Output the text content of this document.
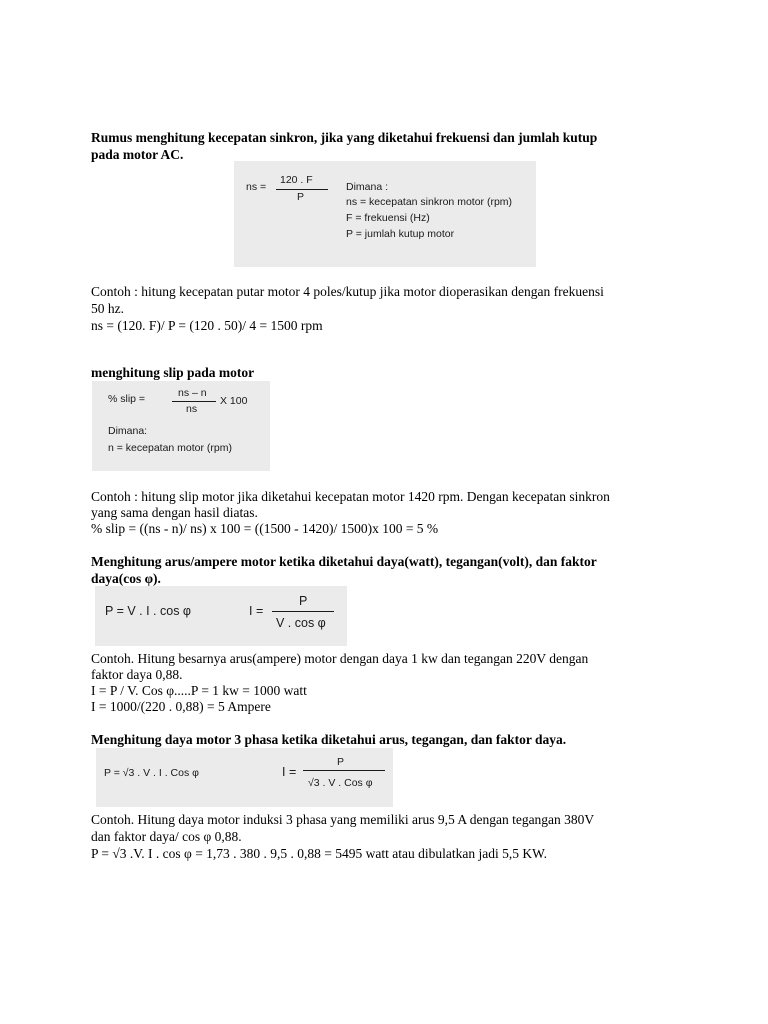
Rumus menghitung kecepatan sinkron, jika yang diketahui frekuensi dan jumlah kutup
pada motor AC.
ns =
120 . F
P
Dimana :
ns = kecepatan sinkron motor (rpm)
F = frekuensi (Hz)
P = jumlah kutup motor
Contoh : hitung kecepatan putar motor 4 poles/kutup jika motor dioperasikan dengan frekuensi
50 hz.
ns = (120. F)/ P = (120 . 50)/ 4 = 1500 rpm
menghitung slip pada motor
% slip =	ns – n
ns
X 100
Dimana:
n = kecepatan motor (rpm)
Contoh : hitung slip motor jika diketahui kecepatan motor 1420 rpm. Dengan kecepatan sinkron
yang sama dengan hasil diatas.
% slip = ((ns - n)/ ns) x 100 = ((1500 - 1420)/ 1500)x 100 = 5 %
Menghitung arus/ampere motor ketika diketahui daya(watt), tegangan(volt), dan faktor
daya(cos φ).
P = V . I . cos φ	I =
P
V . cos φ
Contoh. Hitung besarnya arus(ampere) motor dengan daya 1 kw dan tegangan 220V dengan
faktor daya 0,88.
I = P / V. Cos φ.....P = 1 kw = 1000 watt
I = 1000/(220 . 0,88) = 5 Ampere
Menghitung daya motor 3 phasa ketika diketahui arus, tegangan, dan faktor daya.
P = √3 . V . I . Cos φ	I =
P
√3 . V . Cos φ
Contoh. Hitung daya motor induksi 3 phasa yang memiliki arus 9,5 A dengan tegangan 380V
dan faktor daya/ cos φ 0,88.
P = √3 .V. I . cos φ = 1,73 . 380 . 9,5 . 0,88 = 5495 watt atau dibulatkan jadi 5,5 KW.
